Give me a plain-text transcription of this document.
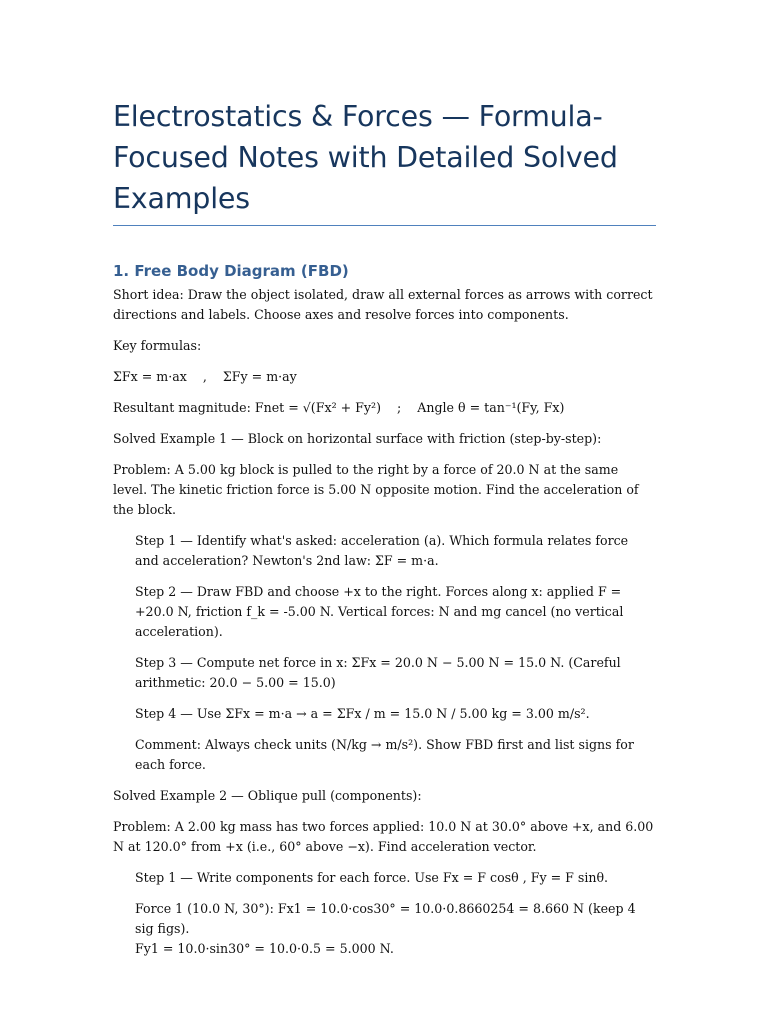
Electrostatics & Forces — Formula-Focused Notes with Detailed Solved Examples
1. Free Body Diagram (FBD)

Short idea: Draw the object isolated, draw all external forces as arrows with correct directions and labels. Choose axes and resolve forces into components.

Key formulas:

ΣFx = m·ax    ,    ΣFy = m·ay

Resultant magnitude: Fnet = √(Fx² + Fy²)    ;    Angle θ = tan⁻¹(Fy, Fx)

Solved Example 1 — Block on horizontal surface with friction (step-by-step):

Problem: A 5.00 kg block is pulled to the right by a force of 20.0 N at the same level. The kinetic friction force is 5.00 N opposite motion. Find the acceleration of the block.

Step 1 — Identify what's asked: acceleration (a). Which formula relates force and acceleration? Newton's 2nd law: ΣF = m·a.

Step 2 — Draw FBD and choose +x to the right. Forces along x: applied F = +20.0 N, friction f_k = -5.00 N. Vertical forces: N and mg cancel (no vertical acceleration).

Step 3 — Compute net force in x: ΣFx = 20.0 N − 5.00 N = 15.0 N. (Careful arithmetic: 20.0 − 5.00 = 15.0)

Step 4 — Use ΣFx = m·a → a = ΣFx / m = 15.0 N / 5.00 kg = 3.00 m/s².

Comment: Always check units (N/kg → m/s²). Show FBD first and list signs for each force.

Solved Example 2 — Oblique pull (components):

Problem: A 2.00 kg mass has two forces applied: 10.0 N at 30.0° above +x, and 6.00 N at 120.0° from +x (i.e., 60° above −x). Find acceleration vector.

Step 1 — Write components for each force. Use Fx = F cosθ , Fy = F sinθ.

Force 1 (10.0 N, 30°): Fx1 = 10.0·cos30° = 10.0·0.8660254 = 8.660 N (keep 4 sig figs).
Fy1 = 10.0·sin30° = 10.0·0.5 = 5.000 N.
